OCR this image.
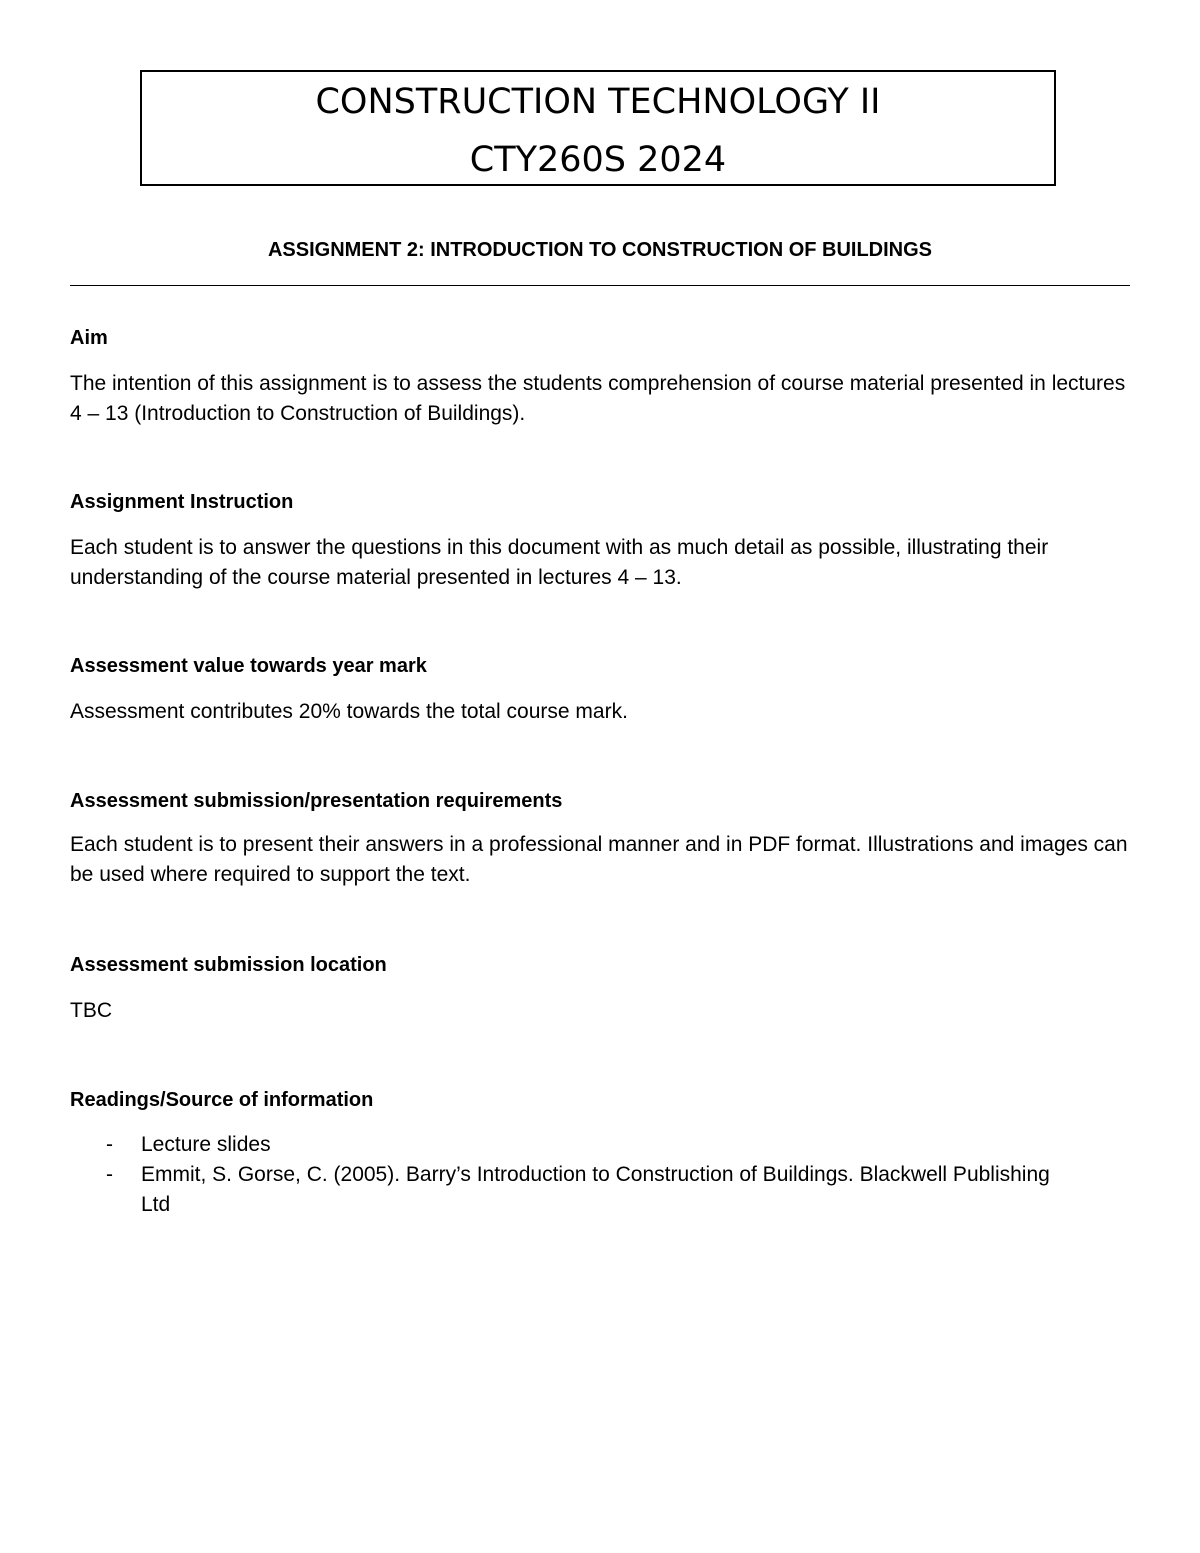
CONSTRUCTION TECHNOLOGY II
CTY260S 2024
ASSIGNMENT 2: INTRODUCTION TO CONSTRUCTION OF BUILDINGS
Aim
The intention of this assignment is to assess the students comprehension of course material presented in lectures 4 – 13 (Introduction to Construction of Buildings).
Assignment Instruction
Each student is to answer the questions in this document with as much detail as possible, illustrating their understanding of the course material presented in lectures 4 – 13.
Assessment value towards year mark
Assessment contributes 20% towards the total course mark.
Assessment submission/presentation requirements
Each student is to present their answers in a professional manner and in PDF format. Illustrations and images can be used where required to support the text.
Assessment submission location
TBC
Readings/Source of information
- Lecture slides
- Emmit, S. Gorse, C. (2005). Barry’s Introduction to Construction of Buildings. Blackwell Publishing Ltd
